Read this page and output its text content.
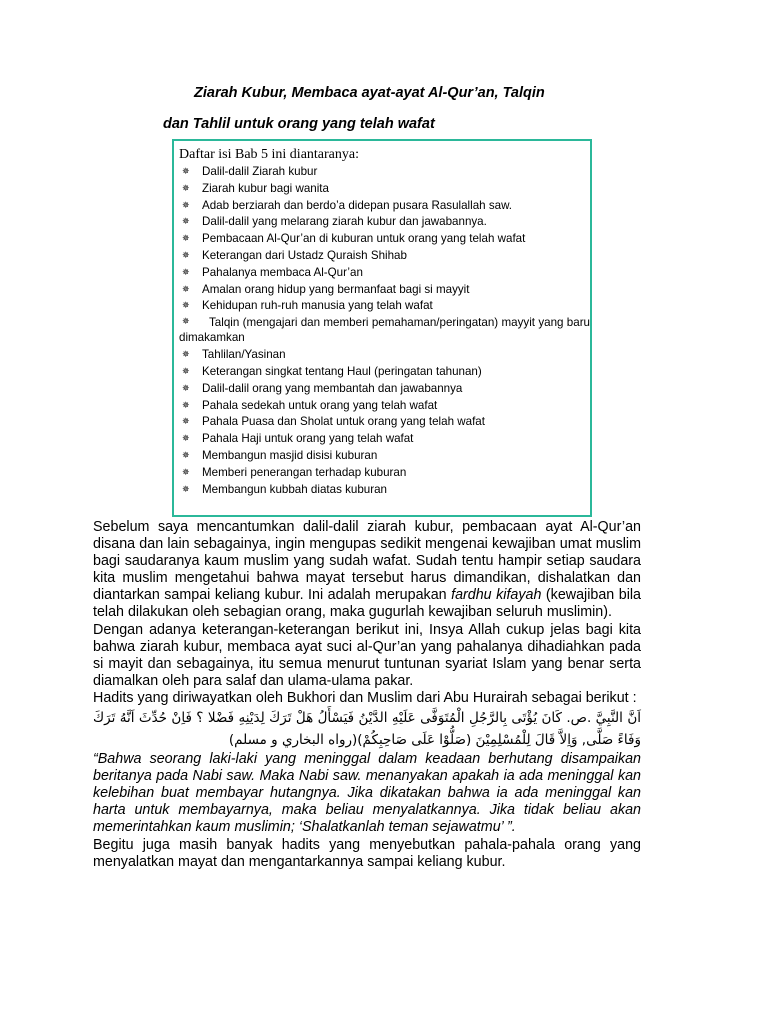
Ziarah Kubur, Membaca ayat-ayat Al-Qur’an, Talqin
dan Tahlil untuk orang yang telah wafat
Daftar isi Bab 5 ini diantaranya:
✵ Dalil-dalil Ziarah kubur
✵ Ziarah kubur bagi wanita
✵ Adab berziarah dan berdo’a didepan pusara Rasulallah saw.
✵ Dalil-dalil yang melarang ziarah kubur dan jawabannya.
✵ Pembacaan Al-Qur’an di kuburan untuk orang yang telah wafat
✵ Keterangan dari Ustadz Quraish Shihab
✵ Pahalanya membaca Al-Qur’an
✵ Amalan orang hidup yang bermanfaat bagi si mayyit
✵ Kehidupan ruh-ruh manusia yang telah wafat
✵ Talqin (mengajari dan memberi pemahaman/peringatan) mayyit yang baru dimakamkan
✵ Tahlilan/Yasinan
✵ Keterangan singkat tentang Haul (peringatan tahunan)
✵ Dalil-dalil orang yang membantah dan jawabannya
✵ Pahala sedekah untuk orang yang telah wafat
✵ Pahala Puasa dan Sholat untuk orang yang telah wafat
✵ Pahala Haji untuk orang yang telah wafat
✵ Membangun masjid disisi kuburan
✵ Memberi penerangan terhadap kuburan
✵ Membangun kubbah diatas kuburan

Sebelum saya mencantumkan dalil-dalil ziarah kubur, pembacaan ayat Al-Qur’an disana dan lain sebagainya, ingin mengupas sedikit mengenai kewajiban umat muslim bagi saudaranya kaum muslim yang sudah wafat. Sudah tentu hampir setiap saudara kita muslim mengetahui bahwa mayat tersebut harus dimandikan, dishalatkan dan diantarkan sampai keliang kubur. Ini adalah merupakan fardhu kifayah (kewajiban bila telah dilakukan oleh sebagian orang, maka gugurlah kewajiban seluruh muslimin).

Dengan adanya keterangan-keterangan berikut ini, Insya Allah cukup jelas bagi kita bahwa ziarah kubur, membaca ayat suci al-Qur’an yang pahalanya dihadiahkan pada si mayit dan sebagainya, itu semua menurut tuntunan syariat Islam yang benar serta diamalkan oleh para salaf dan ulama-ulama pakar.

Hadits yang diriwayatkan oleh Bukhori dan Muslim dari Abu Hurairah sebagai berikut :

اَنَّ النَّبِيَّ .ص. كَانَ يُؤْتَى بِالرَّجُلِ الْمُتَوَفَّى عَلَيْهِ الدَّيْنُ فَيَسْأَلُ هَلْ تَرَكَ لِدَيْنِهِ فَضْلا ؟ فَاِنْ حُدِّثَ اَنَّهُ تَرَكَ وَفَاءً صَلَّى, وَاِلاَّ قَالَ لِلْمُسْلِمِيْنَ (صَلُّوْا عَلَى صَاحِبِكُمْ)(رواه البخاري و مسلم)

“Bahwa seorang laki-laki yang meninggal dalam keadaan berhutang disampaikan beritanya pada Nabi saw. Maka Nabi saw. menanyakan apakah ia ada meninggal kan kelebihan buat membayar hutangnya. Jika dikatakan bahwa ia ada meninggal kan harta untuk membayarnya, maka beliau menyalatkannya. Jika tidak beliau akan memerintahkan kaum muslimin; ‘Shalatkanlah teman sejawatmu’ ”.

Begitu juga masih banyak hadits yang menyebutkan pahala-pahala orang yang menyalatkan mayat dan mengantarkannya sampai keliang kubur.
